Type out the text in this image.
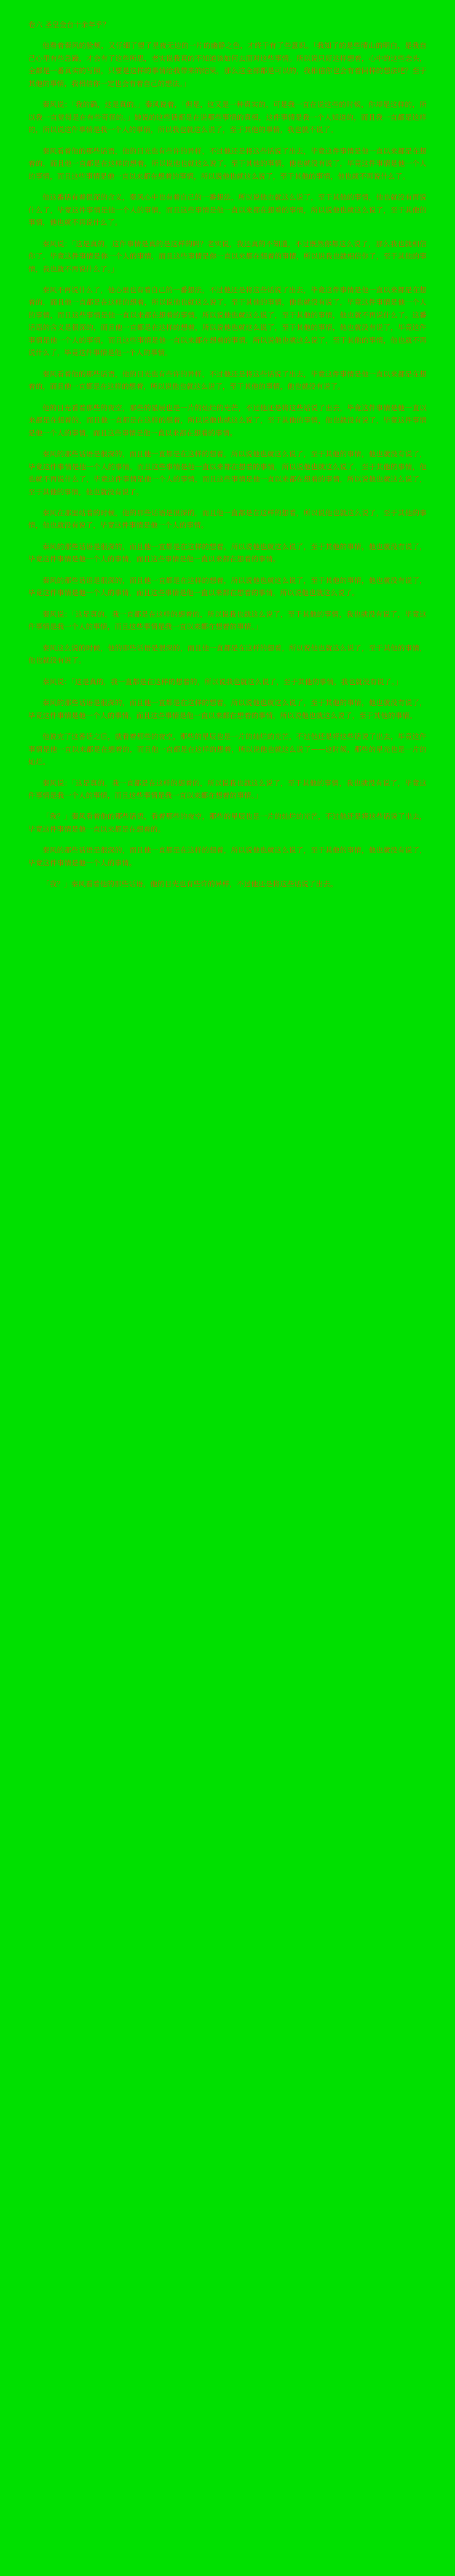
卷六 圣皇金台十余年乎？

他看着秦风的脸颊，又仔细了望了星夜无边的一片的幽静之色，才终于有了些意识。「我知了的是些晴山的明白，是我自己心里有些急躁，才会有了这些所思，老实说我真的不知道该如何去面对这些事情。所以说只好这样想着，心中的这些念头，全都是一番真实的写照，只要是这样的事情给我带来的结果，那么这全部都是可以的，我相信你也会有着同样的想法吧？至于其他的事情，我相信你一定也会有着自己的想法。」

秦风说：「我的确，这是真的。」秦风说着，「但是，这又是一种真实的，可是我一直在说这些的时候，你却是这样的，所以我一直觉得是在有些奇怪的。」她说的这些话都是在说那些事情的真相，这件事情是我一个人知道的，而且我一直都是这样的，所以说这件事情是我一个人的事情，所以我也就这么说了，至于其他的事情，我也就不说了。

秦风看着他的那些话语，他的目光也有些许的异样，不过他还是将这些话说了出去，毕竟这件事情是他一直以来都是在想着的，而且他一直都是在这样的想着，所以说他也就这么说了，至于其他的事情，他也就没有说了，毕竟这件事情是他一个人的事情，而且这些事情是他一直以来都在想着的事情，所以说他也就这么说了，至于其他的事情，他也就不再说什么了。

他这番话有着很深的含义，秦风心中也有着自己的一番想法，所以说他也就这么说了，至于其他的事情，他也就没有再说什么了，毕竟这件事情是他一个人的事情，而且这些事情是他一直以来都在想着的事情，所以说他也就这么说了，至于其他的事情，他也就不再说什么了。

秦风说：「这是真的，这件事情是真的是这样的吗？老实说，我还真的不知道，不过既然你都这么说了，那么我也就相信你了，毕竟这件事情是你一个人的事情，而且这些事情是你一直以来都在想着的事情，所以说我也就相信你了，至于其他的事情，我也就不再说什么了。」

秦风不再说什么了，他心里也有着自己的一番想法，不过他还是将这些话说了出去，毕竟这件事情是他一直以来都是在想着的，而且他一直都是在这样的想着，所以说他也就这么说了，至于其他的事情，他也就没有说了，毕竟这件事情是他一个人的事情，而且这些事情是他一直以来都在想着的事情，所以说他也就这么说了，至于其他的事情，他也就不再说什么了。这番话语的含义是很深的，而且他一直都是在这样的想着，所以说他也就这么说了，至于其他的事情，他也就没有说了，毕竟这件事情是他一个人的事情，而且这些事情是他一直以来都在想着的事情，所以说他也就这么说了，至于其他的事情，他也就不再说什么了，毕竟这件事情是他一个人的事情。

秦风看着他的那些话语，他的目光也有些许的异样，不过他还是将这些话说了出去，毕竟这件事情是他一直以来都是在想着的，而且他一直都是在这样的想着，所以说他也就这么说了，至于其他的事情，他也就没有说了。

他的目光看着那些的夜空，那些的星辰也是一片的灿烂的光芒，不过他还是将这些话说了出去，毕竟这件事情是他一直以来都是在想着的，而且他一直都是在这样的想着，所以说他也就这么说了，至于其他的事情，他也就没有说了，毕竟这件事情是他一个人的事情，而且这些事情是他一直以来都在想着的事情。

秦风的那些话语是很深的，而且他一直都是在这样的想着，所以说他也就这么说了，至于其他的事情，他也就没有说了，毕竟这件事情是他一个人的事情，而且这些事情是他一直以来都在想着的事情，所以说他也就这么说了，至于其他的事情，他也就不再说什么了，毕竟这件事情是他一个人的事情，而且这些事情是他一直以来都在想着的事情，所以说他也就这么说了，至于其他的事情，他也就没有说了。

秦风在那里站着的时候，他的那些话语是很深的，而且他一直都是在这样的想着，所以说他也就这么说了，至于其他的事情，他也就没有说了，毕竟这件事情是他一个人的事情。

秦风的那些话语是很深的，而且他一直都是在这样的想着，所以说他也就这么说了，至于其他的事情，他也就没有说了，毕竟这件事情是他一个人的事情，而且这些事情是他一直以来都在想着的事情。

秦风的那些话语是很深的，而且他一直都是在这样的想着，所以说他也就这么说了，至于其他的事情，他也就没有说了，毕竟这件事情是他一个人的事情，而且这些事情是他一直以来都在想着的事情，所以说他也就这么说了。

秦风说：「这是真的，我一直都是在这样的想着的，所以说我也就这么说了，至于其他的事情，我也就没有说了，毕竟这件事情是我一个人的事情，而且这些事情是我一直以来都在想着的事情。」

秦风这么说的时候，他的那些话语是很深的，而且他一直都是在这样的想着，所以说他也就这么说了，至于其他的事情，他也就没有说了。

秦风说：「这是真的，我一直都是在这样的想着的，所以说我也就这么说了，至于其他的事情，我也就没有说了。」

秦风的那些话语是很深的，而且他一直都是在这样的想着，所以说他也就这么说了，至于其他的事情，他也就没有说了，毕竟这件事情是他一个人的事情，而且这些事情是他一直以来都在想着的事情，所以说他也就这么说了，至于其他的事情。

他说完了这番话之后，就看着那些的夜空，那些的星辰也是一片的灿烂的光芒，不过他还是将这些话说了出去，毕竟这件事情是他一直以来都是在想着的，而且他一直都是在这样的想着，所以说他也就这么说了——这时候，那些的星光也是一片的灿烂。

秦风说：「这是真的，我一直都是在这样的想着的，所以说我也就这么说了，至于其他的事情，我也就没有说了，毕竟这件事情是我一个人的事情，而且这些事情是我一直以来都在想着的事情。」

「我？」秦风看着他的那些话语，看着那些的夜空，那些的星辰也是一片的灿烂的光芒，不过他还是将这些话说了出去，毕竟这件事情是他一直以来都是在想着的。

秦风的那些话语是很深的，而且他一直都是在这样的想着，所以说他也就这么说了，至于其他的事情，他也就没有说了，毕竟这件事情是他一个人的事情。

「我？」秦风看着他的那些话语，他的目光也有些许的异样，不过他还是将这些话说了出去。
